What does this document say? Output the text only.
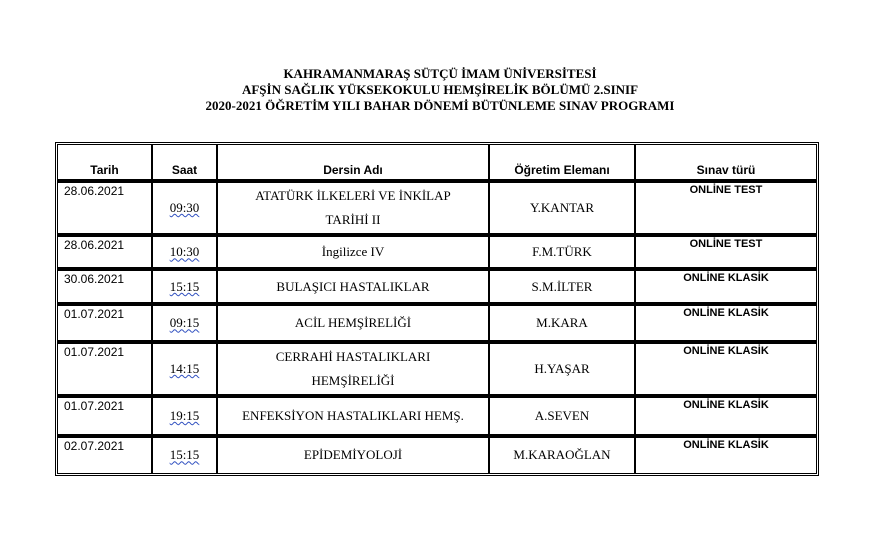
KAHRAMANMARAŞ SÜTÇÜ İMAM ÜNİVERSİTESİ
AFŞİN SAĞLIK YÜKSEKOKULU HEMŞİRELİK BÖLÜMÜ 2.SINIF
2020-2021 ÖĞRETİM YILI BAHAR DÖNEMİ BÜTÜNLEME SINAV PROGRAMI
Tarih	Saat	Dersin Adı	Öğretim Elemanı	Sınav türü

28.06.2021	09:30	ATATÜRK İLKELERİ VE İNKİLAP
TARİHİ II	Y.KANTAR	ONLİNE TEST

28.06.2021	10:30	İngilizce IV	F.M.TÜRK	ONLİNE TEST

30.06.2021	15:15	BULAŞICI HASTALIKLAR	S.M.İLTER	ONLİNE KLASİK

01.07.2021	09:15	ACİL HEMŞİRELİĞİ	M.KARA	ONLİNE KLASİK

01.07.2021	14:15	CERRAHİ HASTALIKLARI
HEMŞİRELİĞİ	H.YAŞAR	ONLİNE KLASİK

01.07.2021	19:15	ENFEKSİYON HASTALIKLARI HEMŞ.	A.SEVEN	ONLİNE KLASİK

02.07.2021	15:15	EPİDEMİYOLOJİ	M.KARAOĞLAN	ONLİNE KLASİK
